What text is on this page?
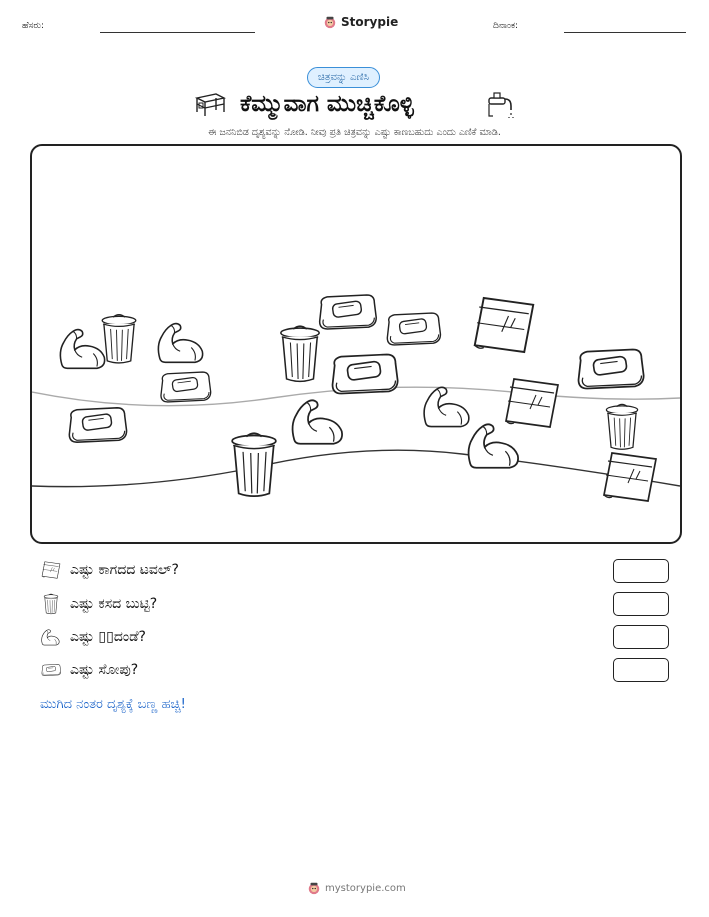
ಹೆಸರು:	Storypie	ದಿನಾಂಕ:
ಚಿತ್ರವನ್ನು ಎಣಿಸಿ
ಕೆಮ್ಮುವಾಗ ಮುಚ್ಚಿಕೊಳ್ಳಿ
ಈ ಜನನಿಬಿಡ ದೃಶ್ಯವನ್ನು ನೋಡಿ. ನೀವು ಪ್ರತಿ ಚಿತ್ರವನ್ನು ಎಷ್ಟು ಕಾಣಬಹುದು ಎಂದು ಎಣಿಕೆ ಮಾಡಿ.
ಎಷ್ಟು ಕಾಗದದ ಟವಲ್?
ಎಷ್ಟು ಕಸದ ಬುಟ್ಟಿ?
ಎಷ್ಟು ▯▯ದಂಡೆ?
ಎಷ್ಟು ಸೋಪು?
ಮುಗಿದ ನಂತರ ದೃಶ್ಯಕ್ಕೆ ಬಣ್ಣ ಹಚ್ಚಿ!
mystorypie.com
